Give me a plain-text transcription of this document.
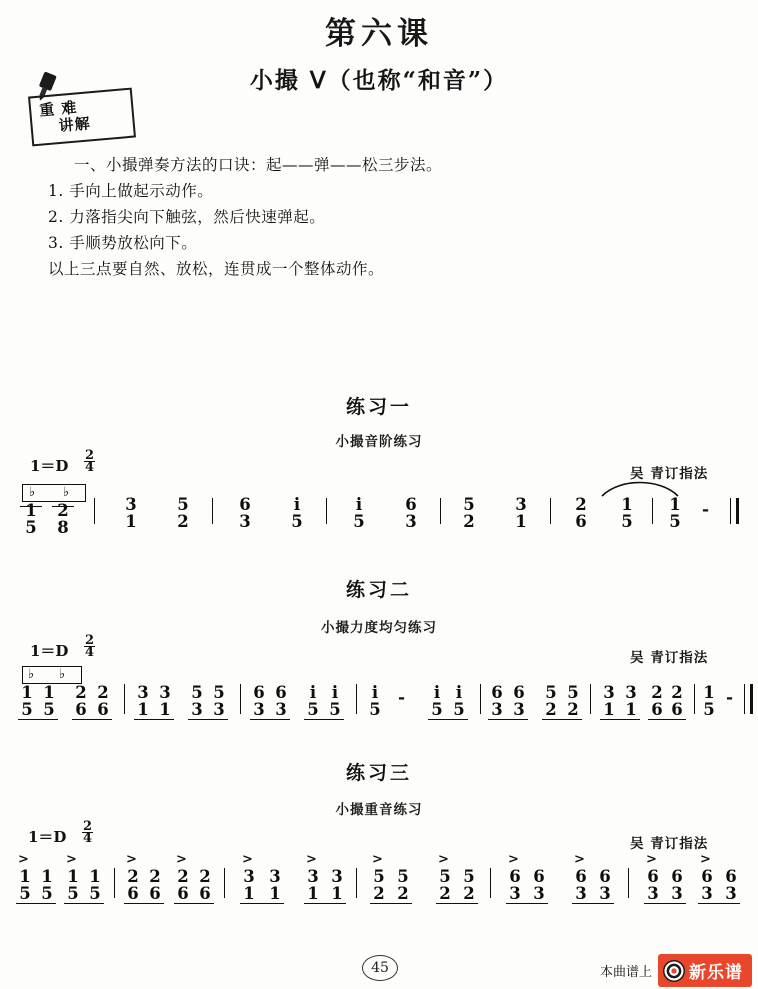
第六课
小撮 ᐯ（也称“和音”）
重 难
讲解
一、小撮弹奏方法的口诀：起——弹——松三步法。
1. 手向上做起示动作。
2. 力落指尖向下触弦，然后快速弹起。
3. 手顺势放松向下。
以上三点要自然、放松，连贯成一个整体动作。
练习一
小撮音阶练习
$1=D \frac{2}{4}$
吴 青订指法
♭ ♭
1
5
2
8
3
1
5
2
6
3
i
5
i
5
6
3
5
2
3
1
2
6
1
5
1
5
-
练习二
小撮力度均匀练习
$1=D \frac{2}{4}$	吴 青订指法
♭ ♭
1
5
1
5
2
6
2
6
3
1
3
1
5
3
5
3
6
3
6
3
i
5
i
5
i
5
- i
5
i
5
6
3
6
3
5
2
5
2
3
1
3
1
2
6
2
6
1
5
-
练习三
小撮重音练习
$1=D \frac{2}{4}$	吴 青订指法
>	>
1
5
1
5
1
5
1
5
>	>
2
6
2
6
2
6
2
6
>	>
3
1
3
1
3
1
3
1
>	>
5
2
5
2
5
2
5
2
>	>
6
3
6
3
6
3
6
3
>	>
6
3
6
3
6
3
6
3
45	本曲谱上 新乐谱
